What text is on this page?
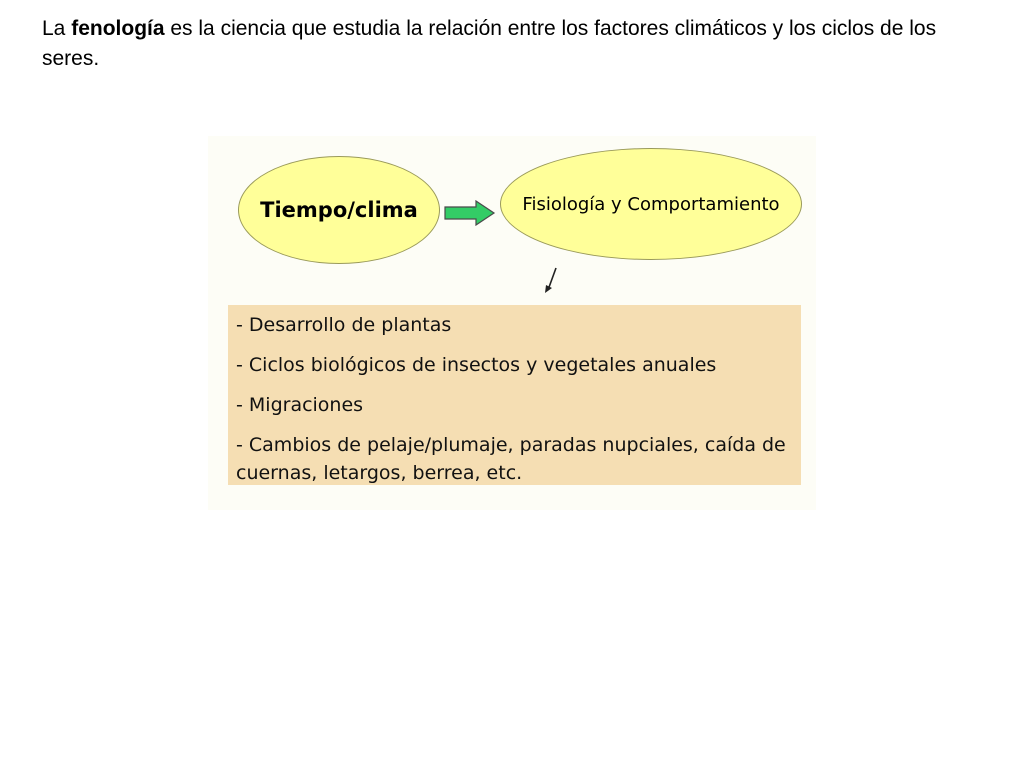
La fenología es la ciencia que estudia la relación entre los factores climáticos y los ciclos de los seres.

Tiempo/clima	Fisiología y Comportamiento
- Desarrollo de plantas
- Ciclos biológicos de insectos y vegetales anuales
- Migraciones
- Cambios de pelaje/plumaje, paradas nupciales, caída de cuernas, letargos, berrea, etc.
